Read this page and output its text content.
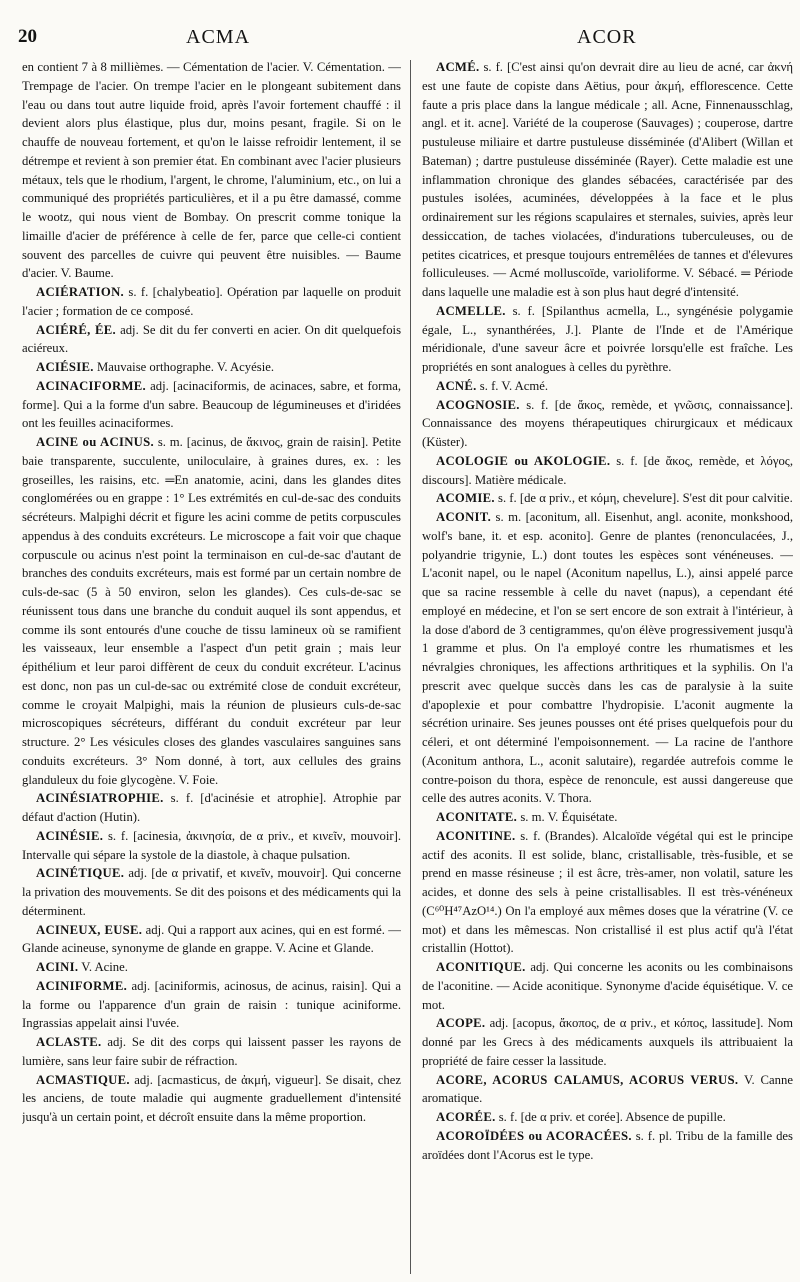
20	ACMA	ACOR

en contient 7 à 8 millièmes. — Cémentation de l'acier. V. Cémentation. — Trempage de l'acier. On trempe l'acier en le plongeant subitement dans l'eau ou dans tout autre liquide froid, après l'avoir fortement chauffé : il devient alors plus élastique, plus dur, moins pesant, fragile. Si on le chauffe de nouveau fortement, et qu'on le laisse refroidir lentement, il se détrempe et revient à son premier état. En combinant avec l'acier plusieurs métaux, tels que le rhodium, l'argent, le chrome, l'aluminium, etc., on lui a communiqué des propriétés particulières, et il a pu être damassé, comme le wootz, qui nous vient de Bombay. On prescrit comme tonique la limaille d'acier de préférence à celle de fer, parce que celle-ci contient souvent des parcelles de cuivre qui peuvent être nuisibles. — Baume d'acier. V. Baume.

ACIÉRATION. s. f. [chalybeatio]. Opération par laquelle on produit l'acier ; formation de ce composé.

ACIÉRÉ, ÉE. adj. Se dit du fer converti en acier. On dit quelquefois aciéreux.

ACIÉSIE. Mauvaise orthographe. V. Acyésie.

ACINACIFORME. adj. [acinaciformis, de acinaces, sabre, et forma, forme]. Qui a la forme d'un sabre. Beaucoup de légumineuses et d'iridées ont les feuilles acinaciformes.

ACINE ou ACINUS. s. m. [acinus, de ἄκινος, grain de raisin]. Petite baie transparente, succulente, uniloculaire, à graines dures, ex. : les groseilles, les raisins, etc. ═En anatomie, acini, dans les glandes dites conglomérées ou en grappe : 1° Les extrémités en cul-de-sac des conduits sécréteurs. Malpighi décrit et figure les acini comme de petits corpuscules appendus à des conduits excréteurs. Le microscope a fait voir que chaque corpuscule ou acinus n'est point la terminaison en cul-de-sac d'autant de branches des conduits excréteurs, mais est formé par un certain nombre de culs-de-sac (5 à 50 environ, selon les glandes). Ces culs-de-sac se réunissent tous dans une branche du conduit auquel ils sont appendus, et comme ils sont entourés d'une couche de tissu lamineux où se ramifient les vaisseaux, leur ensemble a l'aspect d'un petit grain ; mais leur épithélium et leur paroi diffèrent de ceux du conduit excréteur. L'acinus est donc, non pas un cul-de-sac ou extrémité close de conduit excréteur, comme le croyait Malpighi, mais la réunion de plusieurs culs-de-sac microscopiques sécréteurs, différant du conduit excréteur par leur structure. 2° Les vésicules closes des glandes vasculaires sanguines sans conduits excréteurs. 3° Nom donné, à tort, aux cellules des grains glanduleux du foie glycogène. V. Foie.

ACINÉSIATROPHIE. s. f. [d'acinésie et atrophie]. Atrophie par défaut d'action (Hutin).

ACINÉSIE. s. f. [acinesia, ἀκινησία, de α priv., et κινεῖν, mouvoir]. Intervalle qui sépare la systole de la diastole, à chaque pulsation.

ACINÉTIQUE. adj. [de α privatif, et κινεῖν, mouvoir]. Qui concerne la privation des mouvements. Se dit des poisons et des médicaments qui la déterminent.

ACINEUX, EUSE. adj. Qui a rapport aux acines, qui en est formé. — Glande acineuse, synonyme de glande en grappe. V. Acine et Glande.

ACINI. V. Acine.

ACINIFORME. adj. [aciniformis, acinosus, de acinus, raisin]. Qui a la forme ou l'apparence d'un grain de raisin : tunique aciniforme. Ingrassias appelait ainsi l'uvée.

ACLASTE. adj. Se dit des corps qui laissent passer les rayons de lumière, sans leur faire subir de réfraction.

ACMASTIQUE. adj. [acmasticus, de ἀκμή, vigueur]. Se disait, chez les anciens, de toute maladie qui augmente graduellement d'intensité jusqu'à un certain point, et décroît ensuite dans la même proportion.

ACMÉ. s. f. [C'est ainsi qu'on devrait dire au lieu de acné, car ἀκνή est une faute de copiste dans Aëtius, pour ἀκμή, efflorescence. Cette faute a pris place dans la langue médicale ; all. Acne, Finnenausschlag, angl. et it. acne]. Variété de la couperose (Sauvages) ; couperose, dartre pustuleuse miliaire et dartre pustuleuse disséminée (d'Alibert (Willan et Bateman) ; dartre pustuleuse disséminée (Rayer). Cette maladie est une inflammation chronique des glandes sébacées, caractérisée par des pustules isolées, acuminées, développées à la face et le plus ordinairement sur les régions scapulaires et sternales, suivies, après leur dessiccation, de taches violacées, d'indurations tuberculeuses, ou de petites cicatrices, et presque toujours entremêlées de tannes et d'élevures folliculeuses. — Acmé molluscoïde, varioliforme. V. Sébacé. ═ Période dans laquelle une maladie est à son plus haut degré d'intensité.

ACMELLE. s. f. [Spilanthus acmella, L., syngénésie polygamie égale, L., synanthérées, J.]. Plante de l'Inde et de l'Amérique méridionale, d'une saveur âcre et poivrée lorsqu'elle est fraîche. Les propriétés en sont analogues à celles du pyrèthre.

ACNÉ. s. f. V. Acmé.

ACOGNOSIE. s. f. [de ἄκος, remède, et γνῶσις, connaissance]. Connaissance des moyens thérapeutiques chirurgicaux et médicaux (Küster).

ACOLOGIE ou AKOLOGIE. s. f. [de ἄκος, remède, et λόγος, discours]. Matière médicale.

ACOMIE. s. f. [de α priv., et κόμη, chevelure]. S'est dit pour calvitie.

ACONIT. s. m. [aconitum, all. Eisenhut, angl. aconite, monkshood, wolf's bane, it. et esp. aconito]. Genre de plantes (renonculacées, J., polyandrie trigynie, L.) dont toutes les espèces sont vénéneuses. — L'aconit napel, ou le napel (Aconitum napellus, L.), ainsi appelé parce que sa racine ressemble à celle du navet (napus), a cependant été employé en médecine, et l'on se sert encore de son extrait à l'intérieur, à la dose d'abord de 3 centigrammes, qu'on élève progressivement jusqu'à 1 gramme et plus. On l'a employé contre les rhumatismes et les névralgies chroniques, les affections arthritiques et la syphilis. On l'a prescrit avec quelque succès dans les cas de paralysie à la suite d'apoplexie et pour combattre l'hydropisie. L'aconit augmente la sécrétion urinaire. Ses jeunes pousses ont été prises quelquefois pour du céleri, et ont déterminé l'empoisonnement. — La racine de l'anthore (Aconitum anthora, L., aconit salutaire), regardée autrefois comme le contre-poison du thora, espèce de renoncule, est aussi dangereuse que celle des autres aconits. V. Thora.

ACONITATE. s. m. V. Équisétate.

ACONITINE. s. f. (Brandes). Alcaloïde végétal qui est le principe actif des aconits. Il est solide, blanc, cristallisable, très-fusible, et se prend en masse résineuse ; il est âcre, très-amer, non volatil, sature les acides, et donne des sels à peine cristallisables. Il est très-vénéneux (C⁶⁰H⁴⁷AzO¹⁴.) On l'a employé aux mêmes doses que la vératrine (V. ce mot) et dans les mêmescas. Non cristallisé il est plus actif qu'à l'état cristallin (Hottot).

ACONITIQUE. adj. Qui concerne les aconits ou les combinaisons de l'aconitine. — Acide aconitique. Synonyme d'acide équisétique. V. ce mot.

ACOPE. adj. [acopus, ἄκοπος, de α priv., et κόπος, lassitude]. Nom donné par les Grecs à des médicaments auxquels ils attribuaient la propriété de faire cesser la lassitude.

ACORE, ACORUS CALAMUS, ACORUS VERUS. V. Canne aromatique.

ACORÉE. s. f. [de α priv. et corée]. Absence de pupille.

ACOROÏDÉES ou ACORACÉES. s. f. pl. Tribu de la famille des aroïdées dont l'Acorus est le type.
